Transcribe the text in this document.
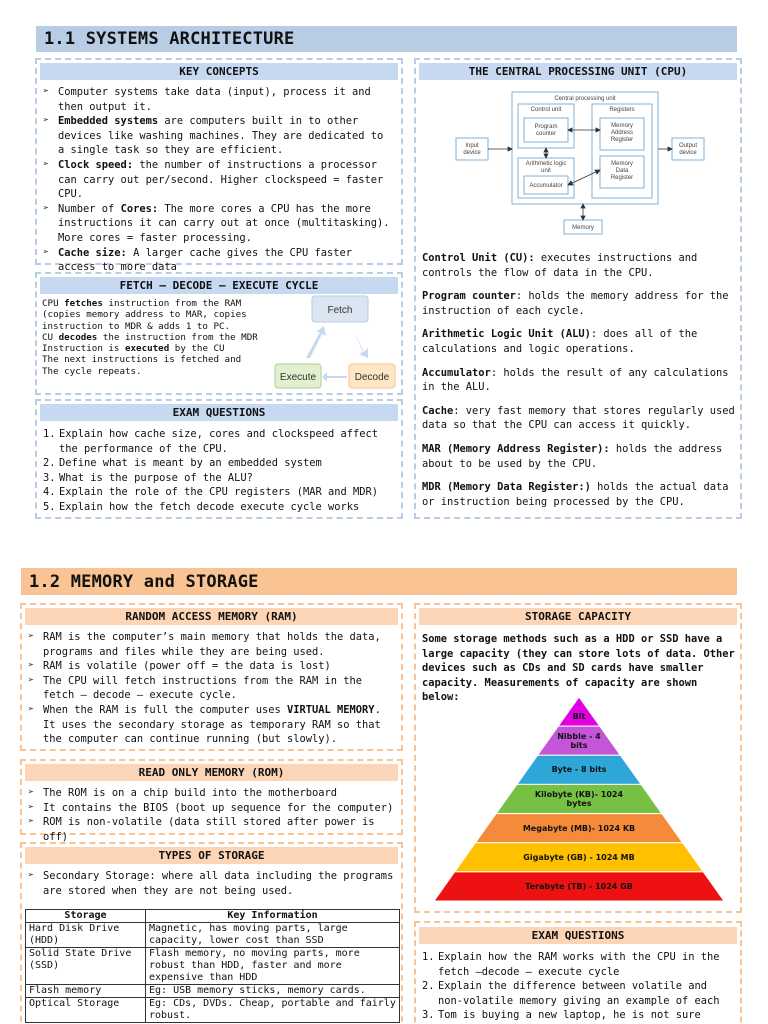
1.1 SYSTEMS ARCHITECTURE
KEY CONCEPTS
➢ Computer systems take data (input), process it and then output it.
➢ Embedded systems are computers built in to other devices like washing machines. They are dedicated to a single task so they are efficient.
➢ Clock speed: the number of instructions a processor can carry out per/second. Higher clockspeed = faster CPU.
➢ Number of Cores: The more cores a CPU has the more instructions it can carry out at once (multitasking). More cores = faster processing.
➢ Cache size: A larger cache gives the CPU faster access to more data
FETCH – DECODE – EXECUTE CYCLE
CPU fetches instruction from the RAM
(copies memory address to MAR, copies
instruction to MDR & adds 1 to PC.
CU decodes the instruction from the MDR
Instruction is executed by the CU
The next instructions is fetched and
The cycle repeats.
Fetch
Decode
Execute
EXAM QUESTIONS
1. Explain how cache size, cores and clockspeed affect the performance of the CPU.
2. Define what is meant by an embedded system
3. What is the purpose of the ALU?
4. Explain the role of the CPU registers (MAR and MDR)
5. Explain how the fetch decode execute cycle works
THE CENTRAL PROCESSING UNIT (CPU)
Central processing unit
Control unit
Program
counter
Registers
Memory
Address
Register
Memory
Data
Register
Arithmetic logic
unit
Accumulator
Input
device
Output
device
Memory

Control Unit (CU): executes instructions and controls the flow of data in the CPU.

Program counter: holds the memory address for the instruction of each cycle.

Arithmetic Logic Unit (ALU): does all of the calculations and logic operations.

Accumulator: holds the result of any calculations in the ALU.

Cache: very fast memory that stores regularly used data so that the CPU can access it quickly.

MAR (Memory Address Register): holds the address about to be used by the CPU.

MDR (Memory Data Register:) holds the actual data or instruction being processed by the CPU.

1.2 MEMORY and STORAGE
RANDOM ACCESS MEMORY (RAM)
➢ RAM is the computer’s main memory that holds the data, programs and files while they are being used.
➢ RAM is volatile (power off = the data is lost)
➢ The CPU will fetch instructions from the RAM in the fetch – decode – execute cycle.
➢ When the RAM is full the computer uses VIRTUAL MEMORY. It uses the secondary storage as temporary RAM so that the computer can continue running (but slowly).
READ ONLY MEMORY (ROM)
➢ The ROM is on a chip build into the motherboard
➢ It contains the BIOS (boot up sequence for the computer)
➢ ROM is non-volatile (data still stored after power is off)
TYPES OF STORAGE
➢ Secondary Storage: where all data including the programs are stored when they are not being used.
Storage	Key Information
Hard Disk Drive (HDD)	Magnetic, has moving parts, large capacity, lower cost than SSD
Solid State Drive (SSD)	Flash memory, no moving parts, more robust than HDD, faster and more expensive than HDD
Flash memory	Eg: USB memory sticks, memory cards.
Optical Storage	Eg: CDs, DVDs. Cheap, portable and fairly robust.
STORAGE CAPACITY
Some storage methods such as a HDD or SSD have a large capacity (they can store lots of data. Other devices such as CDs and SD cards have smaller capacity. Measurements of capacity are shown below:
Bit
Nibble - 4 bits
Byte - 8 bits
Kilobyte (KB)- 1024 bytes
Megabyte (MB)- 1024 KB
Gigabyte (GB) - 1024 MB
Terabyte (TB) - 1024 GB
EXAM QUESTIONS
1. Explain how the RAM works with the CPU in the fetch –decode – execute cycle
2. Explain the difference between volatile and non-volatile memory giving an example of each
3. Tom is buying a new laptop, he is not sure
